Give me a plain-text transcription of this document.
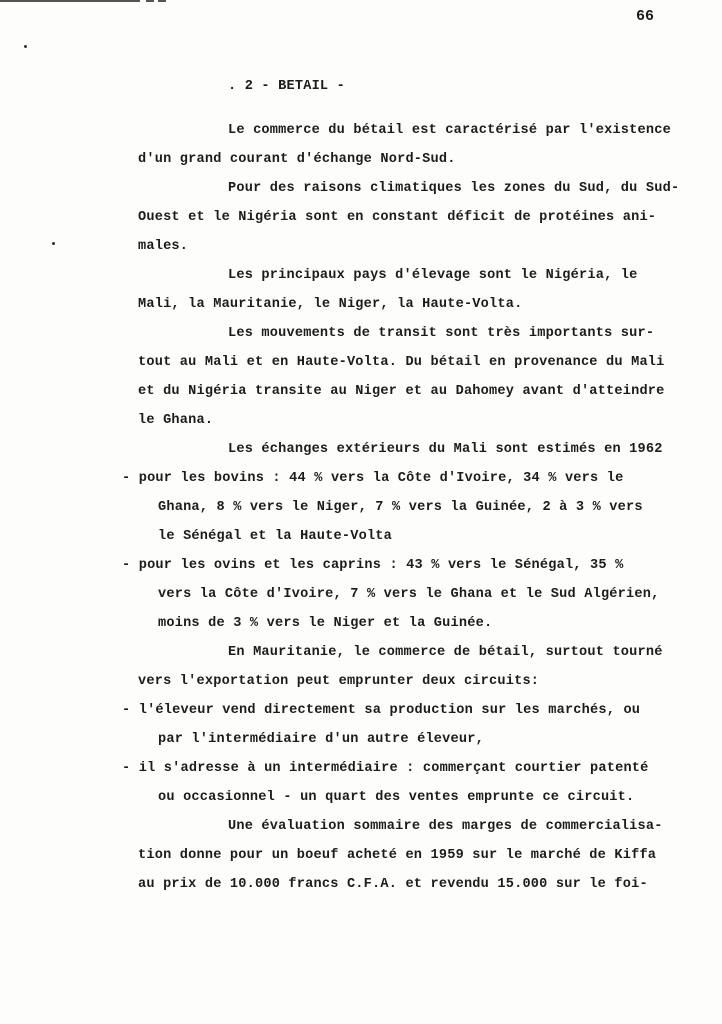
66
. 2 - BETAIL -
Le commerce du bétail est caractérisé par l'existence
d'un grand courant d'échange Nord-Sud.
Pour des raisons climatiques les zones du Sud, du Sud-
Ouest et le Nigéria sont en constant déficit de protéines ani-
males.
Les principaux pays d'élevage sont le Nigéria, le
Mali, la Mauritanie, le Niger, la Haute-Volta.
Les mouvements de transit sont très importants sur-
tout au Mali et en Haute-Volta. Du bétail en provenance du Mali
et du Nigéria transite au Niger et au Dahomey avant d'atteindre
le Ghana.
Les échanges extérieurs du Mali sont estimés en 1962
- pour les bovins : 44 % vers la Côte d'Ivoire, 34 % vers le
Ghana, 8 % vers le Niger, 7 % vers la Guinée, 2 à 3 % vers
le Sénégal et la Haute-Volta
- pour les ovins et les caprins : 43 % vers le Sénégal, 35 %
vers la Côte d'Ivoire, 7 % vers le Ghana et le Sud Algérien,
moins de 3 % vers le Niger et la Guinée.
En Mauritanie, le commerce de bétail, surtout tourné
vers l'exportation peut emprunter deux circuits:
- l'éleveur vend directement sa production sur les marchés, ou
par l'intermédiaire d'un autre éleveur,
- il s'adresse à un intermédiaire : commerçant courtier patenté
ou occasionnel - un quart des ventes emprunte ce circuit.
Une évaluation sommaire des marges de commercialisa-
tion donne pour un boeuf acheté en 1959 sur le marché de Kiffa
au prix de 10.000 francs C.F.A. et revendu 15.000 sur le foi-
